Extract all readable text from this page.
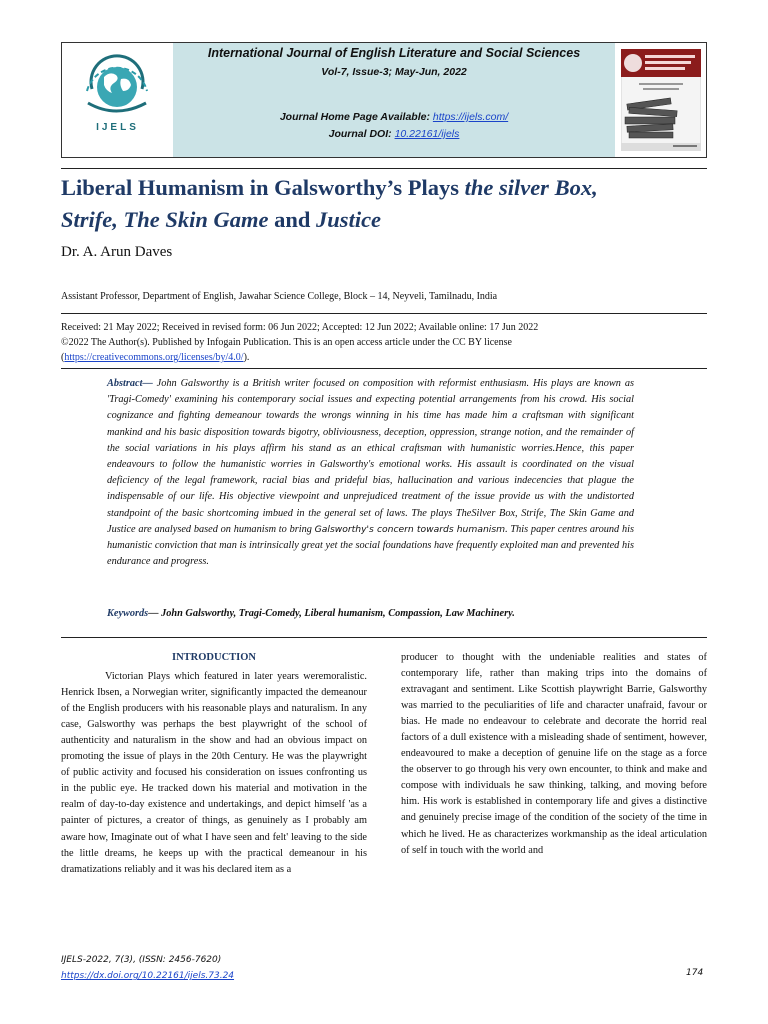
IJELS
International Journal of English Literature and Social Sciences
Vol-7, Issue-3; May-Jun, 2022
Journal Home Page Available: https://ijels.com/
Journal DOI: 10.22161/ijels
Liberal Humanism in Galsworthy’s Plays the silver Box,
Strife, The Skin Game and Justice
Dr. A. Arun Daves
Assistant Professor, Department of English, Jawahar Science College, Block – 14, Neyveli, Tamilnadu, India
Received: 21 May 2022; Received in revised form: 06 Jun 2022; Accepted: 12 Jun 2022; Available online: 17 Jun 2022
©2022 The Author(s). Published by Infogain Publication. This is an open access article under the CC BY license
(https://creativecommons.org/licenses/by/4.0/).
Abstract— John Galsworthy is a British writer focused on composition with reformist enthusiasm. His plays are known as 'Tragi-Comedy' examining his contemporary social issues and expecting potential arrangements from his crowd. His social cognizance and fighting demeanour towards the wrongs winning in his time has made him a craftsman with significant mankind and his basic disposition towards bigotry, obliviousness, deception, oppression, strange notion, and the remainder of the social variations in his plays affirm his stand as an ethical craftsman with humanistic worries.Hence, this paper endeavours to follow the humanistic worries in Galsworthy's emotional works. His assault is coordinated on the visual deficiency of the legal framework, racial bias and prideful bias, hallucination and various indecencies that plague the indispensable of our life. His objective viewpoint and unprejudiced treatment of the issue provide us with the undistorted standpoint of the basic shortcoming imbued in the general set of laws. The plays TheSilver Box, Strife, The Skin Game and Justice are analysed based on humanism to bring Galsworthy's concern towards humanism. This paper centres around his humanistic conviction that man is intrinsically great yet the social foundations have frequently exploited man and prevented his endurance and progress.
Keywords— John Galsworthy, Tragi-Comedy, Liberal humanism, Compassion, Law Machinery.
INTRODUCTION

Victorian Plays which featured in later years weremoralistic. Henrick Ibsen, a Norwegian writer, significantly impacted the demeanour of the English producers with his reasonable plays and naturalism. In any case, Galsworthy was perhaps the best playwright of the school of authenticity and naturalism in the show and had an obvious impact on promoting the issue of plays in the 20th Century. He was the playwright of public activity and focused his consideration on issues confronting us in the public eye. He tracked down his material and motivation in the realm of day-to-day existence and undertakings, and depict himself 'as a painter of pictures, a creator of things, as genuinely as I probably am aware how, Imaginate out of what I have seen and felt' leaving to the side the little dreams, he keeps up with the practical demeanour in his dramatizations reliably and it was his declared item as a

producer to thought with the undeniable realities and states of contemporary life, rather than making trips into the domains of extravagant and sentiment. Like Scottish playwright Barrie, Galsworthy was married to the peculiarities of life and character unafraid, favour or bias. He made no endeavour to celebrate and decorate the horrid real factors of a dull existence with a misleading shade of sentiment, however, endeavoured to make a deception of genuine life on the stage as a force the observer to go through his very own encounter, to think and make and compose with individuals he saw thinking, talking, and moving before him. His work is established in contemporary life and gives a distinctive and genuinely precise image of the condition of the society of the time in which he lived. He as characterizes workmanship as the ideal articulation of self in touch with the world and

IJELS-2022, 7(3), (ISSN: 2456-7620)
https://dx.doi.org/10.22161/ijels.73.24	174
